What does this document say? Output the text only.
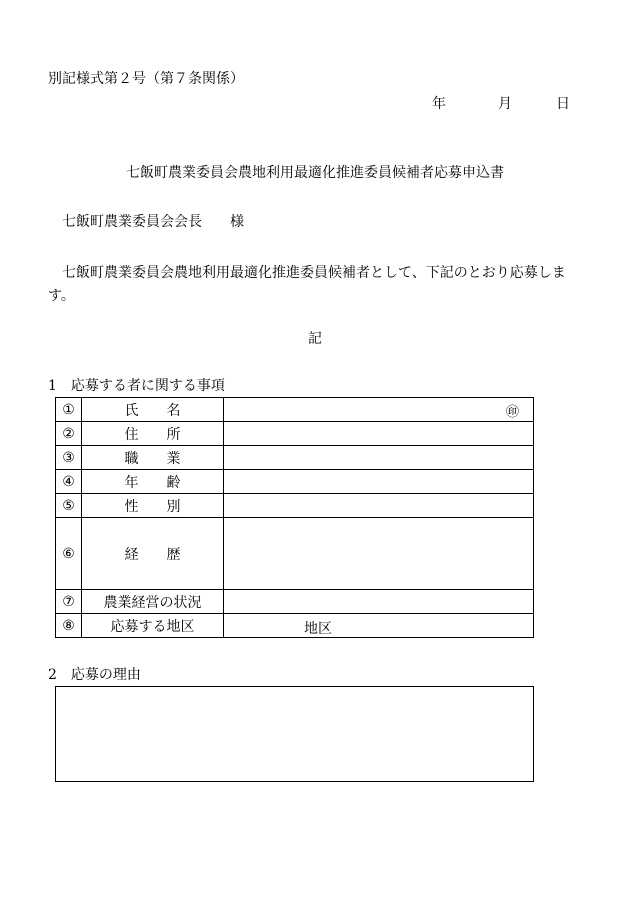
別記様式第２号（第７条関係）
年	月	日
七飯町農業委員会農地利用最適化推進委員候補者応募申込書
七飯町農業委員会会長　　様
七飯町農業委員会農地利用最適化推進委員候補者として、下記のとおり応募します。
記
1　応募する者に関する事項
①	氏　　名	㊞

②	住　　所	
③	職　　業	
④	年　　齢	
⑤	性　　別	
⑥	経　　歴	
⑦	農業経営の状況	
⑧	応募する地区	地区
2　応募の理由
